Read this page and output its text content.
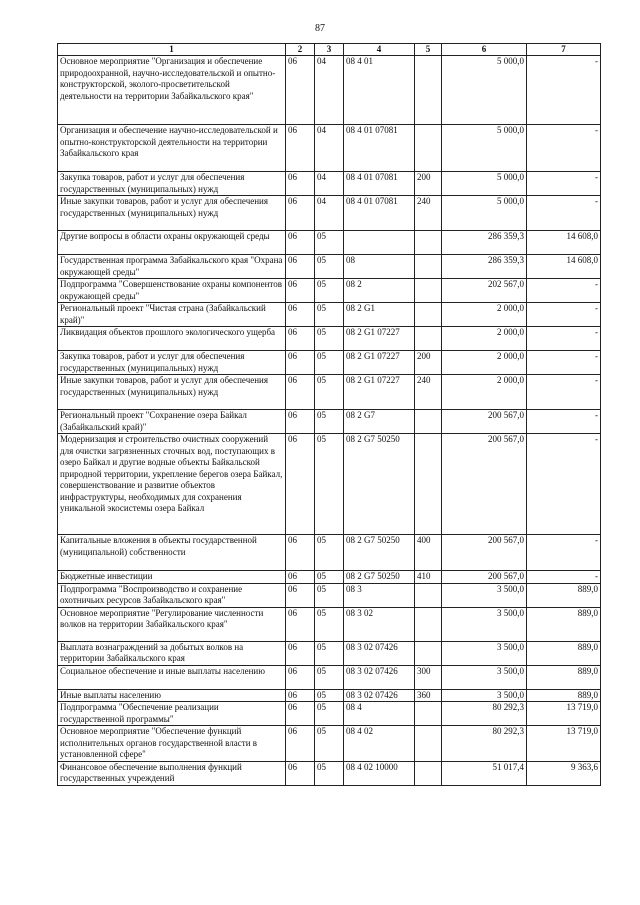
87
1	2	3	4	5	6	7
Основное мероприятие "Организация и обеспечение природоохранной, научно-исследовательской и опытно- конструкторской, эколого-просветительской деятельности на территории Забайкальского края"	06	04	08 4 01		5 000,0	-
Организация и обеспечение научно-исследовательской и опытно-конструкторской деятельности на территории Забайкальского края	06	04	08 4 01 07081		5 000,0	-
Закупка товаров, работ и услуг для обеспечения государственных (муниципальных) нужд	06	04	08 4 01 07081	200	5 000,0	-
Иные закупки товаров, работ и услуг для обеспечения государственных (муниципальных) нужд	06	04	08 4 01 07081	240	5 000,0	-
Другие вопросы в области охраны окружающей среды	06	05			286 359,3	14 608,0
Государственная программа Забайкальского края "Охрана окружающей среды"	06	05	08		286 359,3	14 608,0
Подпрограмма "Совершенствование охраны компонентов окружающей среды"	06	05	08 2		202 567,0	-
Региональный проект "Чистая страна (Забайкальский край)"	06	05	08 2 G1		2 000,0	-
Ликвидация объектов прошлого экологического ущерба	06	05	08 2 G1 07227		2 000,0	-
Закупка товаров, работ и услуг для обеспечения государственных (муниципальных) нужд	06	05	08 2 G1 07227	200	2 000,0	-
Иные закупки товаров, работ и услуг для обеспечения государственных (муниципальных) нужд	06	05	08 2 G1 07227	240	2 000,0	-
Региональный проект "Сохранение озера Байкал (Забайкальский край)"	06	05	08 2 G7		200 567,0	-
Модернизация и строительство очистных сооружений для очистки загрязненных сточных вод, поступающих в озеро Байкал и другие водные объекты Байкальской природной территории, укрепление берегов озера Байкал, совершенствование и развитие объектов инфраструктуры, необходимых для сохранения уникальной экосистемы озера Байкал	06	05	08 2 G7 50250		200 567,0	-
Капитальные вложения в объекты государственной (муниципальной) собственности	06	05	08 2 G7 50250	400	200 567,0	-
Бюджетные инвестиции	06	05	08 2 G7 50250	410	200 567,0	-
Подпрограмма "Воспроизводство и сохранение охотничьих ресурсов Забайкальского края"	06	05	08 3		3 500,0	889,0
Основное мероприятие "Регулирование численности волков на территории Забайкальского края"	06	05	08 3 02		3 500,0	889,0
Выплата вознаграждений за добытых волков на территории Забайкальского края	06	05	08 3 02 07426		3 500,0	889,0
Социальное обеспечение и иные выплаты населению	06	05	08 3 02 07426	300	3 500,0	889,0
Иные выплаты населению	06	05	08 3 02 07426	360	3 500,0	889,0
Подпрограмма "Обеспечение реализации государственной программы"	06	05	08 4		80 292,3	13 719,0
Основное мероприятие "Обеспечение функций исполнительных органов государственной власти в установленной сфере"	06	05	08 4 02		80 292,3	13 719,0
Финансовое обеспечение выполнения функций государственных учреждений	06	05	08 4 02 10000		51 017,4	9 363,6
